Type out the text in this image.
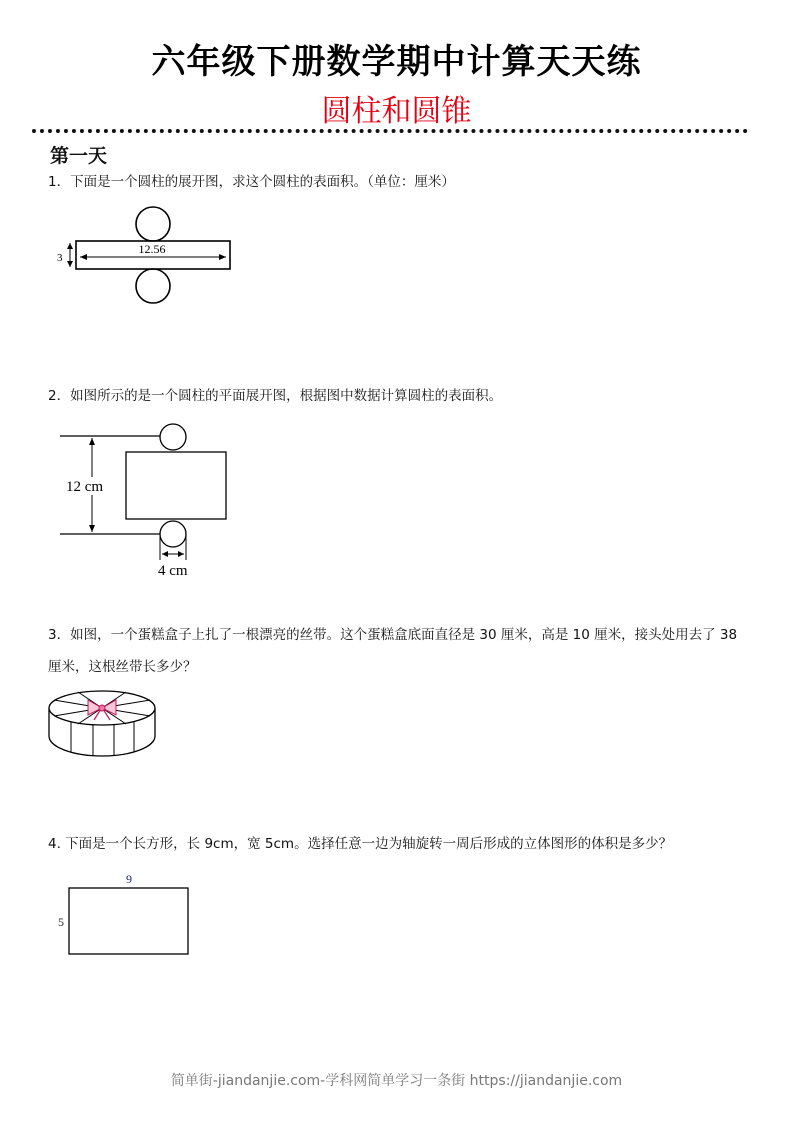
六年级下册数学期中计算天天练
圆柱和圆锥
第一天
1．下面是一个圆柱的展开图，求这个圆柱的表面积。（单位：厘米）
12.56
3
2．如图所示的是一个圆柱的平面展开图，根据图中数据计算圆柱的表面积。
12 cm
4 cm
3．如图，一个蛋糕盒子上扎了一根漂亮的丝带。这个蛋糕盒底面直径是 30 厘米，高是 10 厘米，接头处用去了 38 厘米，这根丝带长多少？
4. 下面是一个长方形，长 9cm，宽 5cm。选择任意一边为轴旋转一周后形成的立体图形的体积是多少？
9
5
简单街-jiandanjie.com-学科网简单学习一条街 https://jiandanjie.com
